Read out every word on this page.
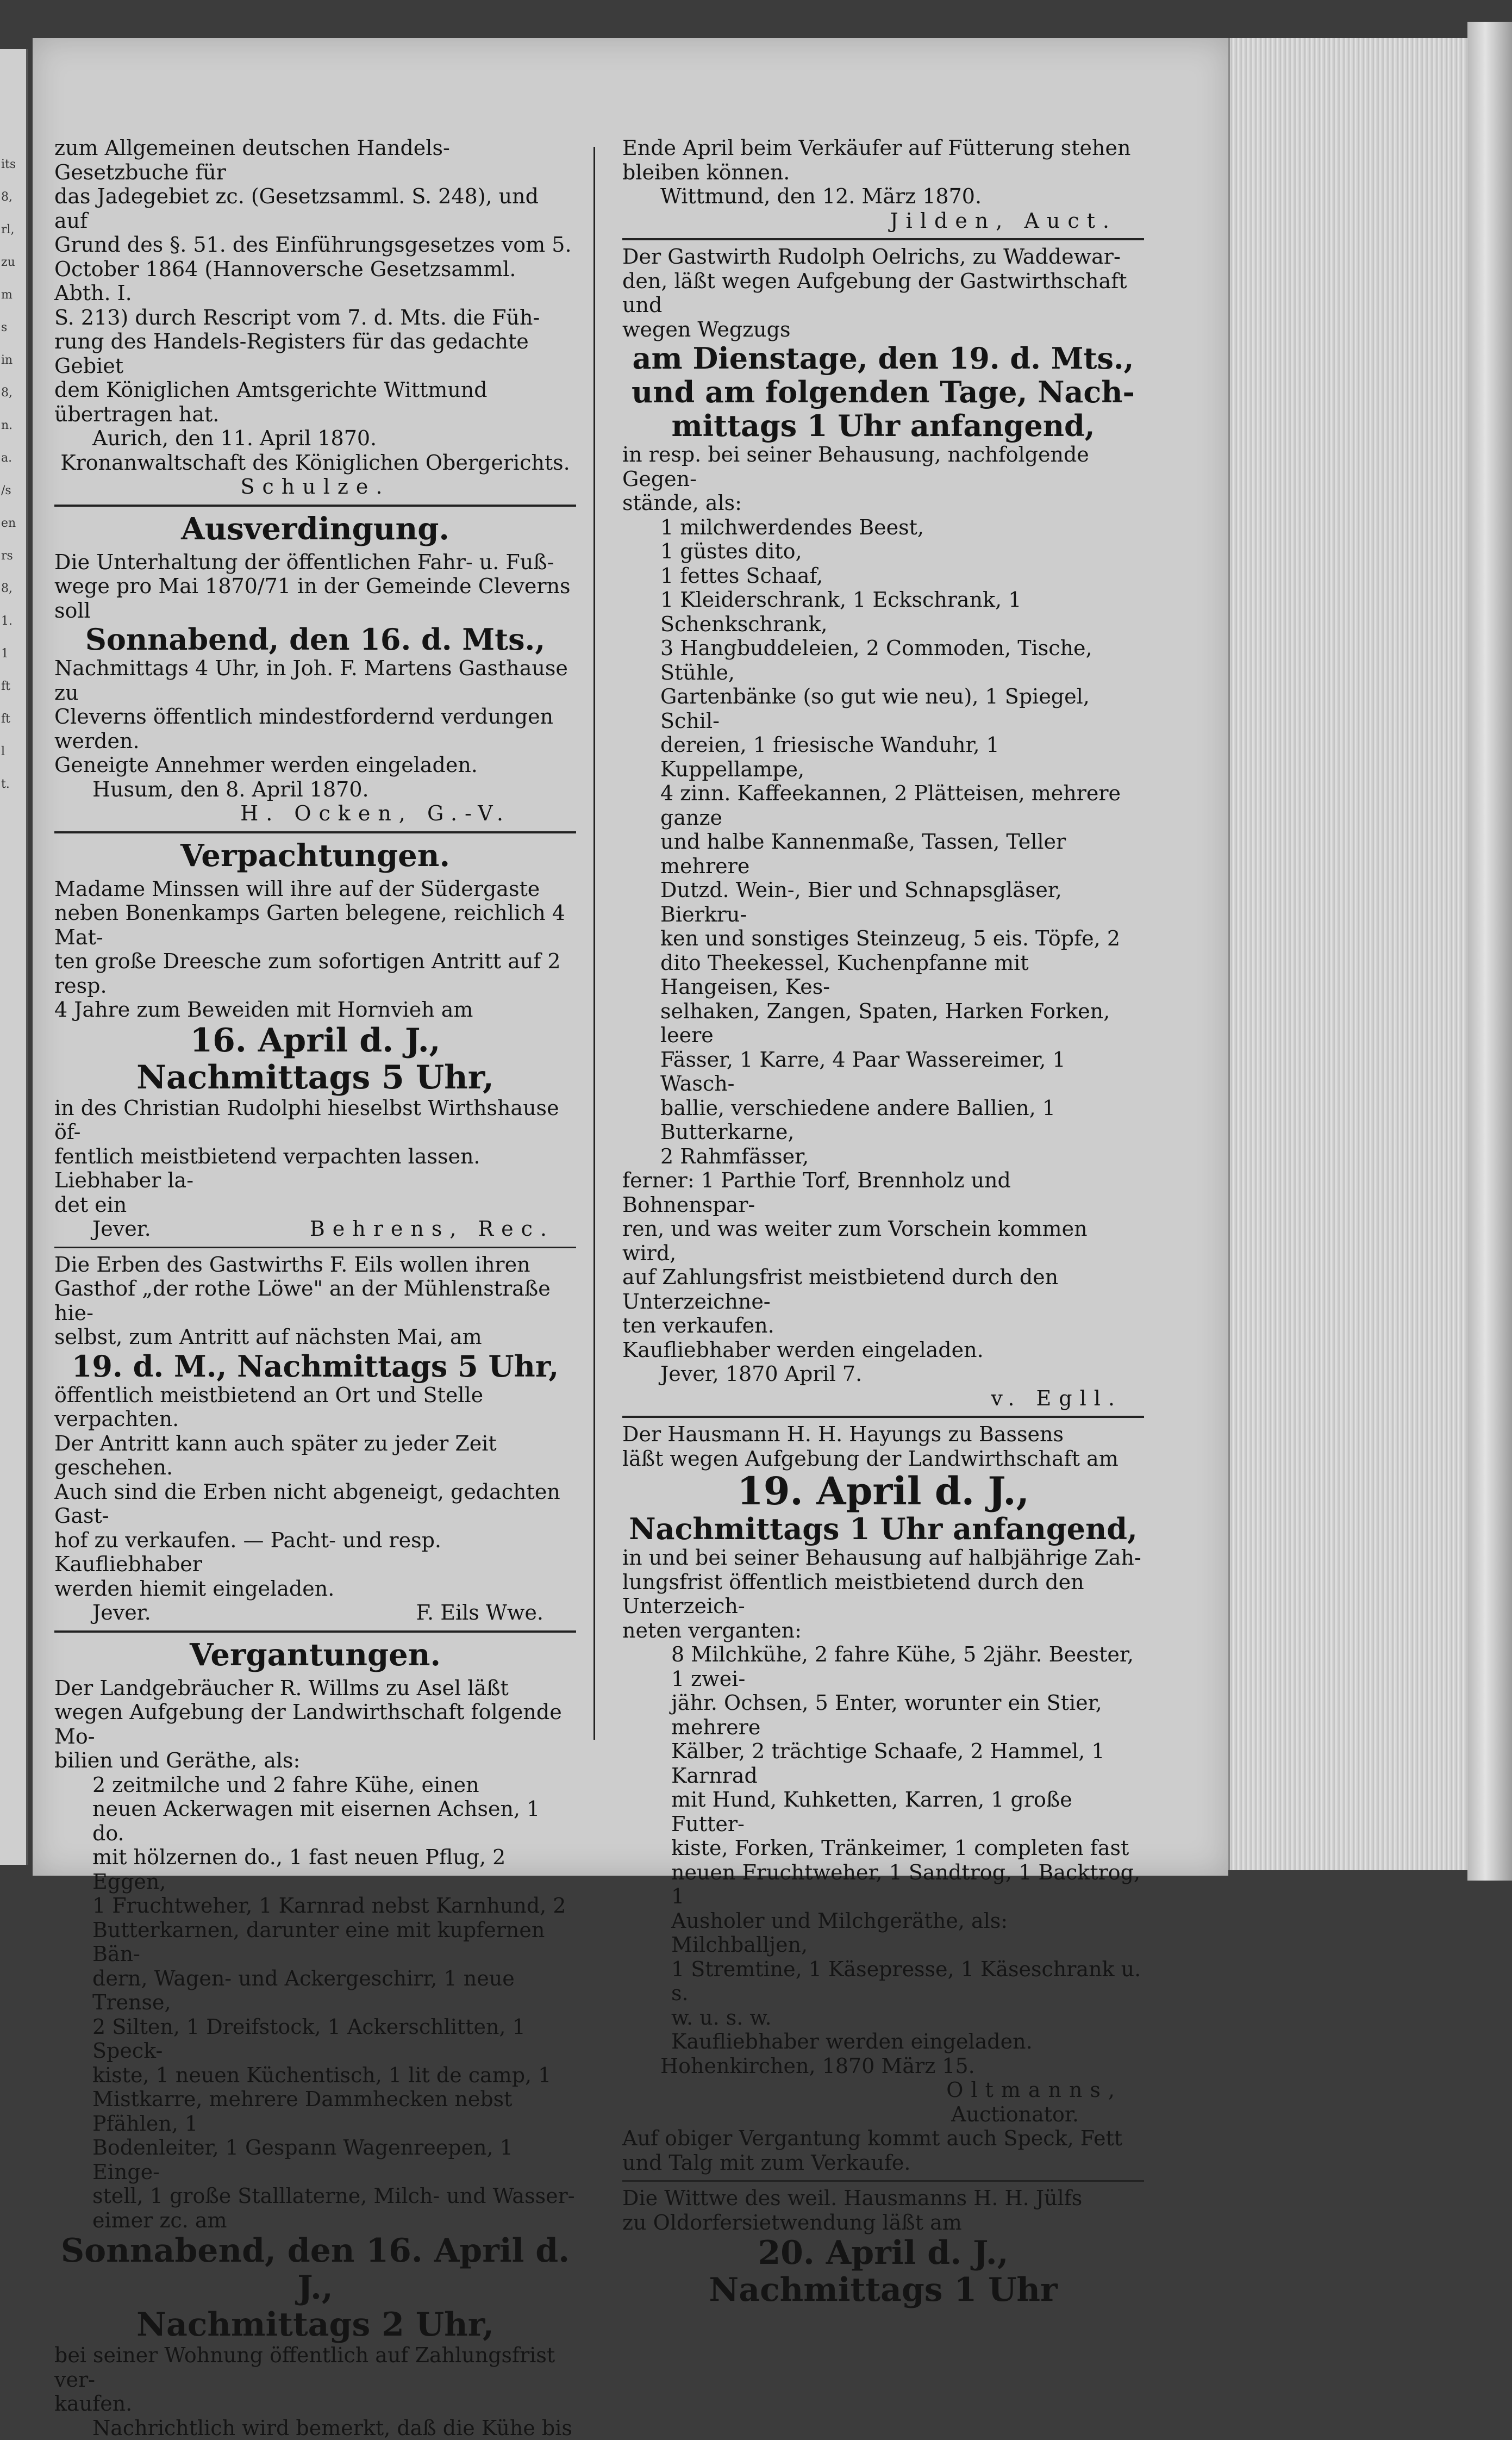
its
8,
rl,
zu
m
s
in
8,
n.
a.
/s
en
rs
8,
1.
1
ft
ft
l
t.

zum Allgemeinen deutschen Handels-Gesetzbuche für

das Jadegebiet zc. (Gesetzsamml. S. 248), und auf

Grund des §. 51. des Einführungsgesetzes vom 5.

October 1864 (Hannoversche Gesetzsamml. Abth. I.

S. 213) durch Rescript vom 7. d. Mts. die Füh-

rung des Handels-Registers für das gedachte Gebiet

dem Königlichen Amtsgerichte Wittmund

übertragen hat.

Aurich, den 11. April 1870.

Kronanwaltschaft des Königlichen Obergerichts.

Schulze.

Ausverdingung.

Die Unterhaltung der öffentlichen Fahr- u. Fuß-

wege pro Mai 1870/71 in der Gemeinde Cleverns soll

Sonnabend, den 16. d. Mts.,

Nachmittags 4 Uhr, in Joh. F. Martens Gasthause zu

Cleverns öffentlich mindestfordernd verdungen werden.

Geneigte Annehmer werden eingeladen.

Husum, den 8. April 1870.

H. Ocken, G.-V.

Verpachtungen.

Madame Minssen will ihre auf der Südergaste

neben Bonenkamps Garten belegene, reichlich 4 Mat-

ten große Dreesche zum sofortigen Antritt auf 2 resp.

4 Jahre zum Beweiden mit Hornvieh am

16. April d. J.,
Nachmittags 5 Uhr,

in des Christian Rudolphi hieselbst Wirthshause öf-

fentlich meistbietend verpachten lassen. Liebhaber la-

det ein

Jever.	Behrens, Rec.

Die Erben des Gastwirths F. Eils wollen ihren

Gasthof „der rothe Löwe" an der Mühlenstraße hie-

selbst, zum Antritt auf nächsten Mai, am

19. d. M., Nachmittags 5 Uhr,

öffentlich meistbietend an Ort und Stelle verpachten.

Der Antritt kann auch später zu jeder Zeit geschehen.

Auch sind die Erben nicht abgeneigt, gedachten Gast-

hof zu verkaufen. — Pacht- und resp. Kaufliebhaber

werden hiemit eingeladen.

Jever.	F. Eils Wwe.
Vergantungen.

Der Landgebräucher R. Willms zu Asel läßt

wegen Aufgebung der Landwirthschaft folgende Mo-

bilien und Geräthe, als:

2 zeitmilche und 2 fahre Kühe, einen

neuen Ackerwagen mit eisernen Achsen, 1 do.

mit hölzernen do., 1 fast neuen Pflug, 2 Eggen,

1 Fruchtweher, 1 Karnrad nebst Karnhund, 2

Butterkarnen, darunter eine mit kupfernen Bän-

dern, Wagen- und Ackergeschirr, 1 neue Trense,

2 Silten, 1 Dreifstock, 1 Ackerschlitten, 1 Speck-

kiste, 1 neuen Küchentisch, 1 lit de camp, 1

Mistkarre, mehrere Dammhecken nebst Pfählen, 1

Bodenleiter, 1 Gespann Wagenreepen, 1 Einge-

stell, 1 große Stalllaterne, Milch- und Wasser-

eimer zc. am

Sonnabend, den 16. April d. J.,
Nachmittags 2 Uhr,

bei seiner Wohnung öffentlich auf Zahlungsfrist ver-

kaufen.

Nachrichtlich wird bemerkt, daß die Kühe bis

Ende April beim Verkäufer auf Fütterung stehen

bleiben können.

Wittmund, den 12. März 1870.

Jilden, Auct.

Der Gastwirth Rudolph Oelrichs, zu Waddewar-

den, läßt wegen Aufgebung der Gastwirthschaft und

wegen Wegzugs

am Dienstage, den 19. d. Mts.,

und am folgenden Tage, Nach-

mittags 1 Uhr anfangend,

in resp. bei seiner Behausung, nachfolgende Gegen-

stände, als:

1 milchwerdendes Beest,

1 güstes dito,

1 fettes Schaaf,

1 Kleiderschrank, 1 Eckschrank, 1 Schenkschrank,

3 Hangbuddeleien, 2 Commoden, Tische, Stühle,

Gartenbänke (so gut wie neu), 1 Spiegel, Schil-

dereien, 1 friesische Wanduhr, 1 Kuppellampe,

4 zinn. Kaffeekannen, 2 Plätteisen, mehrere ganze

und halbe Kannenmaße, Tassen, Teller mehrere

Dutzd. Wein-, Bier und Schnapsgläser, Bierkru-

ken und sonstiges Steinzeug, 5 eis. Töpfe, 2

dito Theekessel, Kuchenpfanne mit Hangeisen, Kes-

selhaken, Zangen, Spaten, Harken Forken, leere

Fässer, 1 Karre, 4 Paar Wassereimer, 1 Wasch-

ballie, verschiedene andere Ballien, 1 Butterkarne,

2 Rahmfässer,

ferner: 1 Parthie Torf, Brennholz und Bohnenspar-

ren, und was weiter zum Vorschein kommen

wird,

auf Zahlungsfrist meistbietend durch den Unterzeichne-

ten verkaufen.

Kaufliebhaber werden eingeladen.

Jever, 1870 April 7.

v. Egll.

Der Hausmann H. H. Hayungs zu Bassens

läßt wegen Aufgebung der Landwirthschaft am

19. April d. J.,
Nachmittags 1 Uhr anfangend,

in und bei seiner Behausung auf halbjährige Zah-

lungsfrist öffentlich meistbietend durch den Unterzeich-

neten verganten:

8 Milchkühe, 2 fahre Kühe, 5 2jähr. Beester, 1 zwei-

jähr. Ochsen, 5 Enter, worunter ein Stier, mehrere

Kälber, 2 trächtige Schaafe, 2 Hammel, 1 Karnrad

mit Hund, Kuhketten, Karren, 1 große Futter-

kiste, Forken, Tränkeimer, 1 completen fast

neuen Fruchtweher, 1 Sandtrog, 1 Backtrog, 1

Ausholer und Milchgeräthe, als: Milchballjen,

1 Stremtine, 1 Käsepresse, 1 Käseschrank u. s.

w. u. s. w.

Kaufliebhaber werden eingeladen.

Hohenkirchen, 1870 März 15.

Oltmanns,

Auctionator.

Auf obiger Vergantung kommt auch Speck, Fett

und Talg mit zum Verkaufe.

Die Wittwe des weil. Hausmanns H. H. Jülfs

zu Oldorfersietwendung läßt am

20. April d. J.,
Nachmittags 1 Uhr
